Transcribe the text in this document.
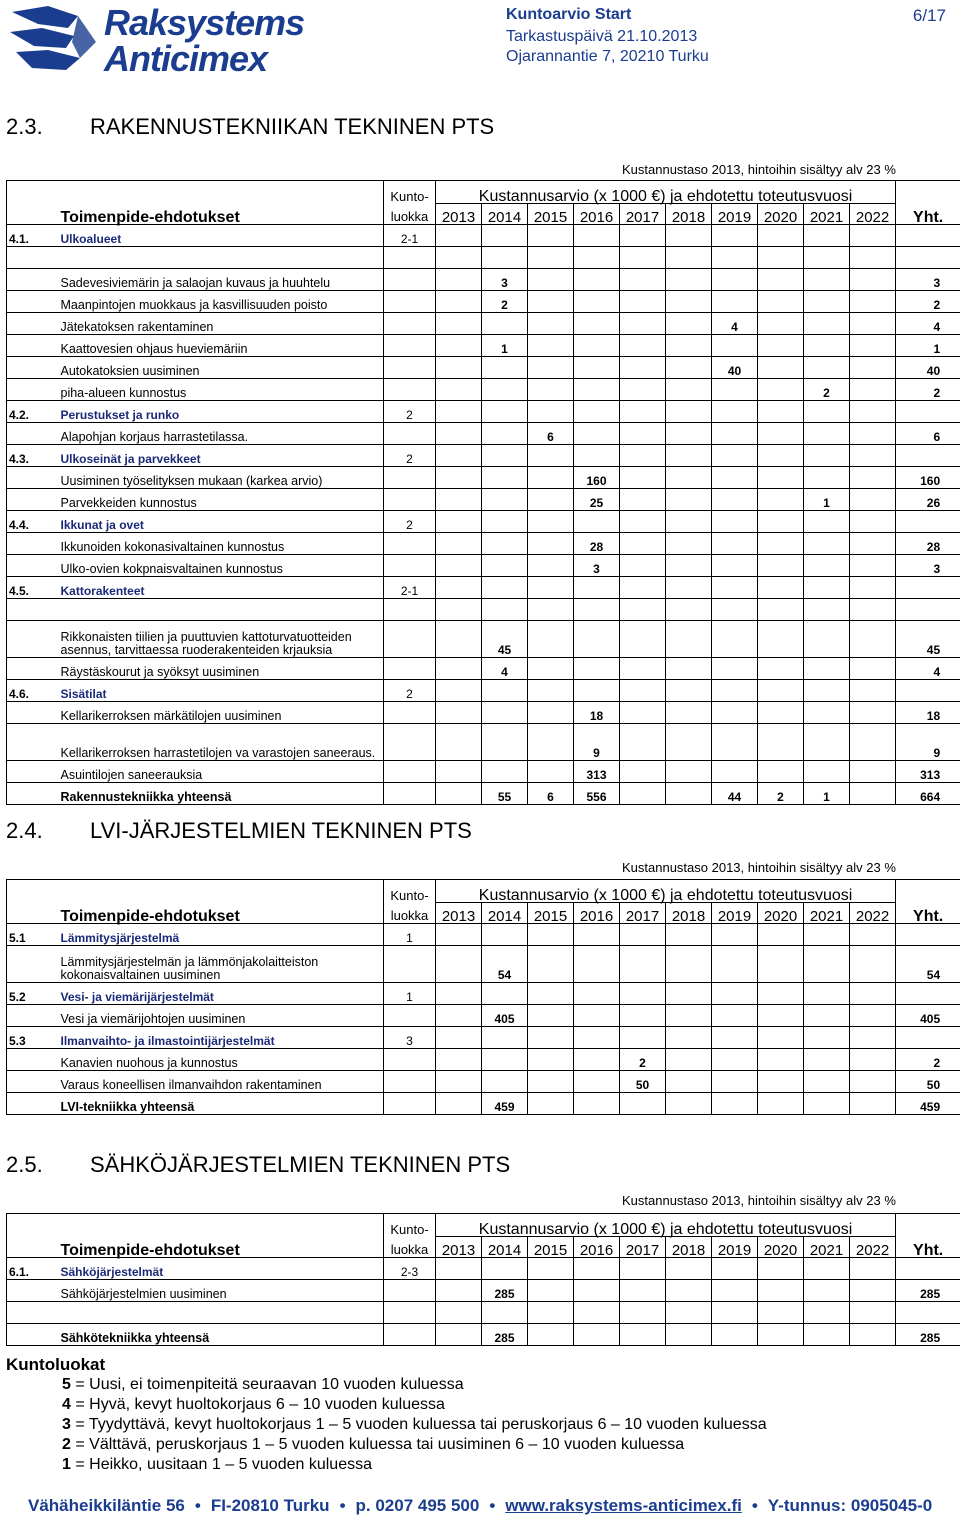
Raksystems
Anticimex
Kuntoarvio Start
Tarkastuspäivä 21.10.2013
Ojarannantie 7, 20210 Turku
6/17
2.3. RAKENNUSTEKNIIKAN TEKNINEN PTS
Kustannustaso 2013, hintoihin sisältyy alv 23 %
		Kunto-	Kustannusarvio (x 1000 €) ja ehdotettu toteutusvuosi										
	Toimenpide-ehdotukset	luokka	2013	2014	2015	2016	2017	2018	2019	2020	2021	2022	Yht.
4.1.	Ulkoalueet	2-1											

	Sadevesiviemärin ja salaojan kuvaus ja huuhtelu			3									3
	Maanpintojen muokkaus ja kasvillisuuden poisto			2									2
	Jätekatoksen rakentaminen								4				4
	Kaattovesien ohjaus hueviemäriin			1									1
	Autokatoksien uusiminen								40				40
	piha-alueen kunnostus										2		2
4.2.	Perustukset ja runko	2											
	Alapohjan korjaus harrastetilassa.				6								6
4.3.	Ulkoseinät ja parvekkeet	2											
	Uusiminen työselityksen mukaan (karkea arvio)					160							160
	Parvekkeiden kunnostus					25					1		26
4.4.	Ikkunat ja ovet	2											
	Ikkunoiden kokonasivaltainen kunnostus					28							28
	Ulko-ovien kokpnaisvaltainen kunnostus					3							3
4.5.	Kattorakenteet	2-1											

	Rikkonaisten tiilien ja puuttuvien kattoturvatuotteiden asennus, tarvittaessa ruoderakenteiden krjauksia			45									45
	Räystäskourut ja syöksyt uusiminen			4									4
4.6.	Sisätilat	2											
	Kellarikerroksen märkätilojen uusiminen					18							18
	Kellarikerroksen harrastetilojen va varastojen saneeraus.					9							9
	Asuintilojen saneerauksia					313							313
	Rakennustekniikka yhteensä			55	6	556			44	2	1		664
2.4. LVI-JÄRJESTELMIEN TEKNINEN PTS
Kustannustaso 2013, hintoihin sisältyy alv 23 %
		Kunto-	Kustannusarvio (x 1000 €) ja ehdotettu toteutusvuosi										
	Toimenpide-ehdotukset	luokka	2013	2014	2015	2016	2017	2018	2019	2020	2021	2022	Yht.
5.1	Lämmitysjärjestelmä	1											
	Lämmitysjärjestelmän ja lämmönjakolaitteiston kokonaisvaltainen uusiminen			54									54
5.2	Vesi- ja viemärijärjestelmät	1											
	Vesi ja viemärijohtojen uusiminen			405									405
5.3	Ilmanvaihto- ja ilmastointijärjestelmät	3											
	Kanavien nuohous ja kunnostus						2						2
	Varaus koneellisen ilmanvaihdon rakentaminen						50						50
	LVI-tekniikka yhteensä			459									459
2.5. SÄHKÖJÄRJESTELMIEN TEKNINEN PTS
Kustannustaso 2013, hintoihin sisältyy alv 23 %
		Kunto-	Kustannusarvio (x 1000 €) ja ehdotettu toteutusvuosi										
	Toimenpide-ehdotukset	luokka	2013	2014	2015	2016	2017	2018	2019	2020	2021	2022	Yht.
6.1.	Sähköjärjestelmät	2-3											
	Sähköjärjestelmien uusiminen			285									285

	Sähkötekniikka yhteensä			285									285
Kuntoluokat
5 = Uusi, ei toimenpiteitä seuraavan 10 vuoden kuluessa
4 = Hyvä, kevyt huoltokorjaus 6 – 10 vuoden kuluessa
3 = Tyydyttävä, kevyt huoltokorjaus 1 – 5 vuoden kuluessa tai peruskorjaus 6 – 10 vuoden kuluessa
2 = Välttävä, peruskorjaus 1 – 5 vuoden kuluessa tai uusiminen 6 – 10 vuoden kuluessa
1 = Heikko, uusitaan 1 – 5 vuoden kuluessa
Vähäheikkiläntie 56 • FI-20810 Turku • p. 0207 495 500 • www.raksystems-anticimex.fi • Y-tunnus: 0905045-0
